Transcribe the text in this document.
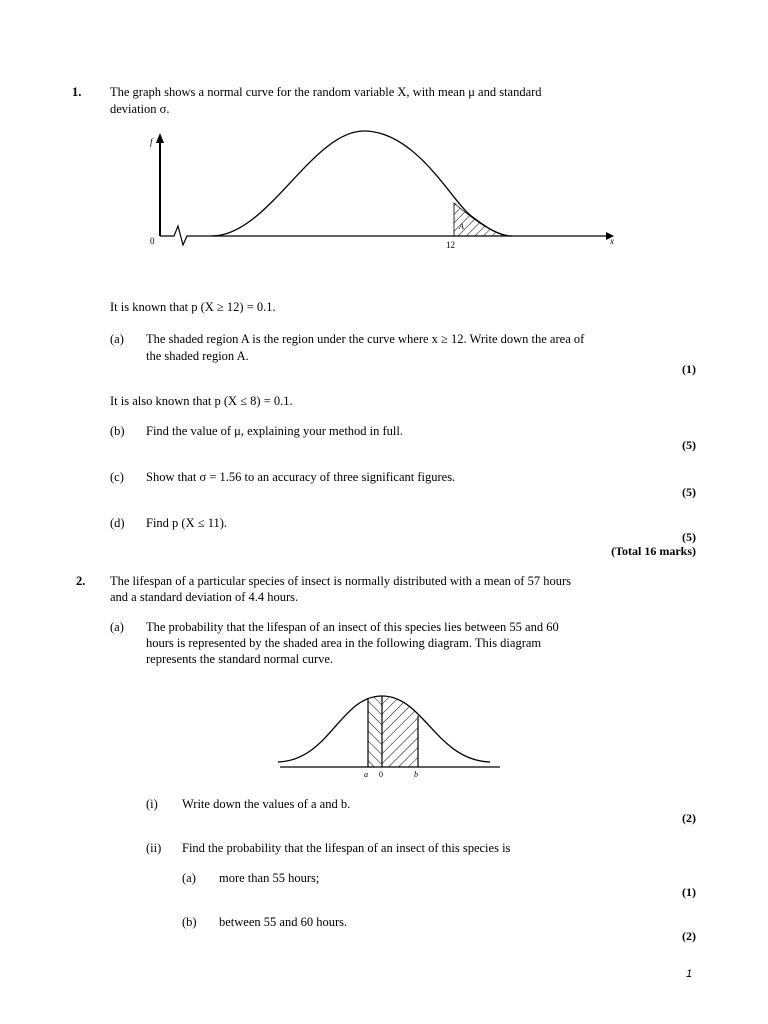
1. The graph shows a normal curve for the random variable X, with mean μ and standard
deviation σ.
f
0	12	x
A
It is known that p (X ≥ 12) = 0.1.
(a) The shaded region A is the region under the curve where x ≥ 12. Write down the area of
the shaded region A.
(1)
It is also known that p (X ≤ 8) = 0.1.
(b) Find the value of μ, explaining your method in full.
(5)
(c) Show that σ = 1.56 to an accuracy of three significant figures.
(5)
(d) Find p (X ≤ 11).
(5)
(Total 16 marks)
2. The lifespan of a particular species of insect is normally distributed with a mean of 57 hours
and a standard deviation of 4.4 hours.
(a) The probability that the lifespan of an insect of this species lies between 55 and 60
hours is represented by the shaded area in the following diagram. This diagram
represents the standard normal curve.
a 0	b
(i) Write down the values of a and b.
(2)
(ii) Find the probability that the lifespan of an insect of this species is
(a) more than 55 hours;
(1)
(b) between 55 and 60 hours.
(2)
1
